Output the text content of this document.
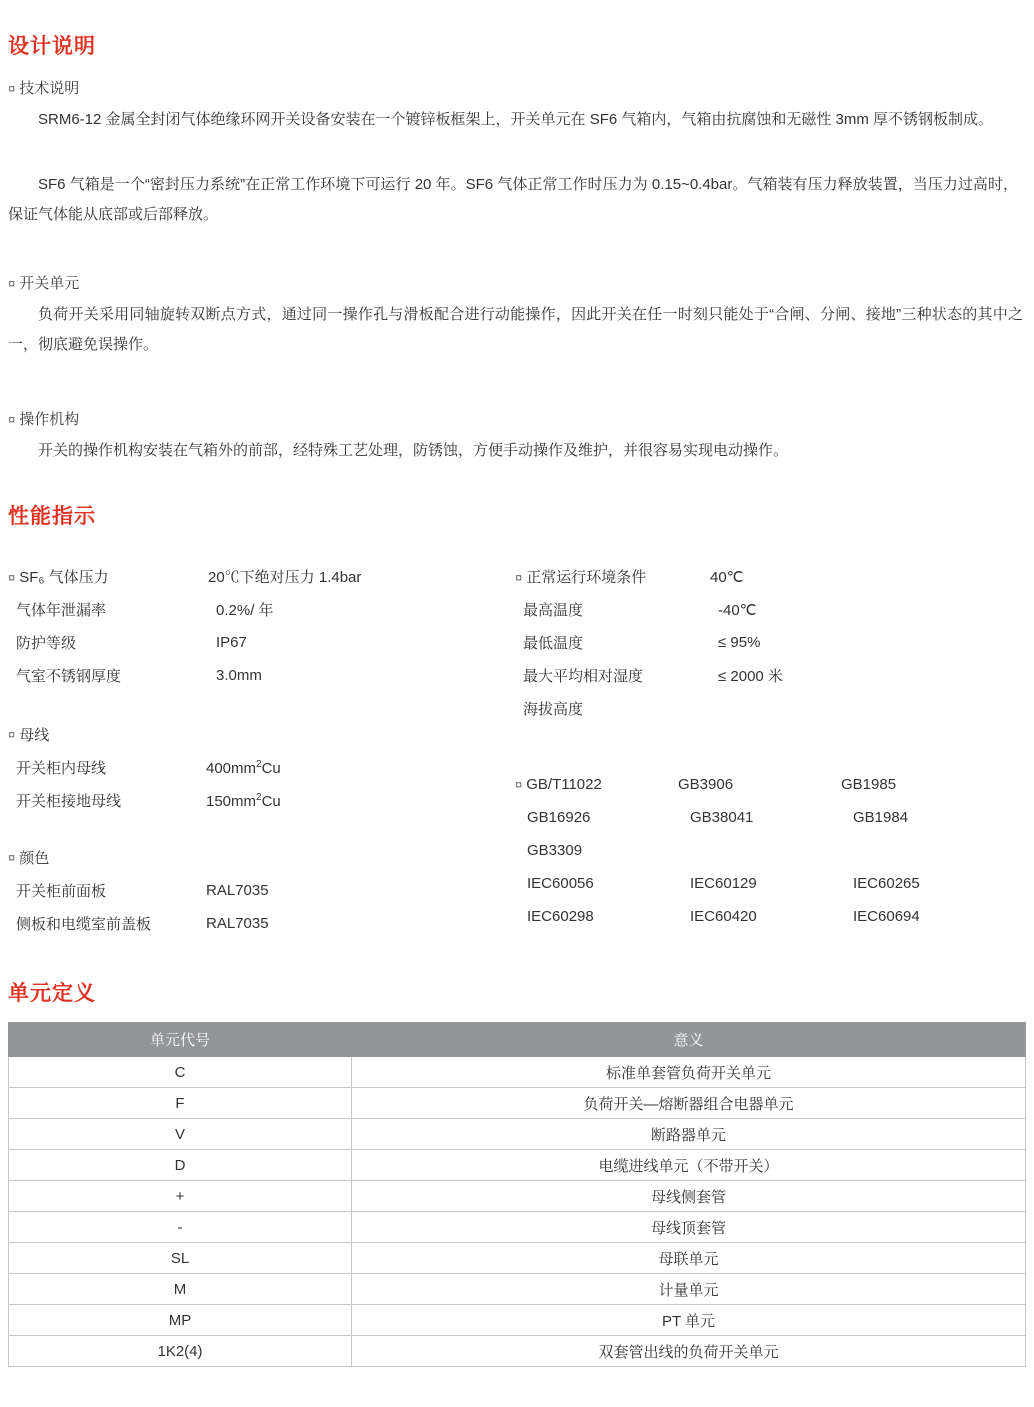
设计说明
¤ 技术说明
SRM6-12 金属全封闭气体绝缘环网开关设备安装在一个镀锌板框架上，开关单元在 SF6 气箱内，气箱由抗腐蚀和无磁性 3mm 厚不锈钢板制成。
SF6 气箱是一个“密封压力系统”在正常工作环境下可运行 20 年。SF6 气体正常工作时压力为 0.15~0.4bar。气箱装有压力释放装置，当压力过高时，保证气体能从底部或后部释放。
¤ 开关单元
负荷开关采用同轴旋转双断点方式，通过同一操作孔与滑板配合进行动能操作，因此开关在任一时刻只能处于“合闸、分闸、接地”三种状态的其中之一，彻底避免误操作。
¤ 操作机构
开关的操作机构安装在气箱外的前部，经特殊工艺处理，防锈蚀，方便手动操作及维护，并很容易实现电动操作。
性能指示
¤ SF₆ 气体压力	20℃下绝对压力 1.4bar
气体年泄漏率	0.2%/ 年
防护等级	IP67
气室不锈钢厚度	3.0mm
¤ 母线
开关柜内母线	$400mm^2Cu$
开关柜接地母线	$150mm^2Cu$
¤ 颜色
开关柜前面板	RAL7035
侧板和电缆室前盖板	RAL7035
¤ 正常运行环境条件	40℃
最高温度	-40℃
最低温度	≤ 95%
最大平均相对湿度	≤ 2000 米
海拔高度
¤ GB/T11022	GB3906	GB1985
GB16926	GB38041	GB1984
GB3309
IEC60056	IEC60129	IEC60265
IEC60298	IEC60420	IEC60694
单元定义
单元代号	意义
C	标准单套管负荷开关单元
F	负荷开关—熔断器组合电器单元
V	断路器单元
D	电缆进线单元（不带开关）
+	母线侧套管
-	母线顶套管
SL	母联单元
M	计量单元
MP	PT 单元
1K2(4)	双套管出线的负荷开关单元
